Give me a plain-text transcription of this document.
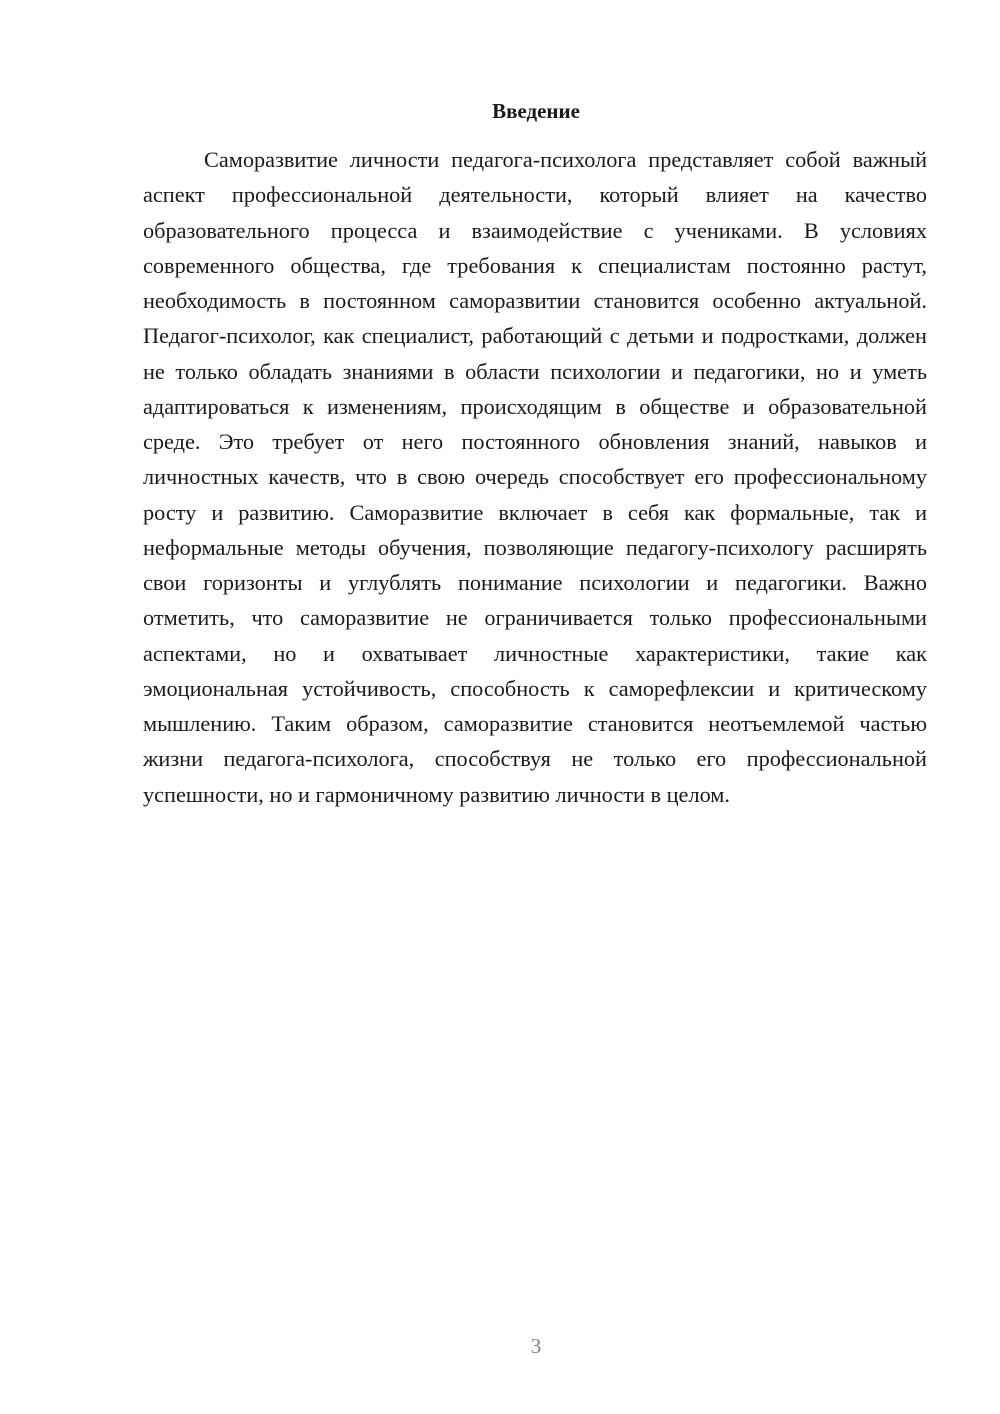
Введение

Саморазвитие личности педагога-психолога представляет собой важный аспект профессиональной деятельности, который влияет на качество образовательного процесса и взаимодействие с учениками. В условиях современного общества, где требования к специалистам постоянно растут, необходимость в постоянном саморазвитии становится особенно актуальной. Педагог-психолог, как специалист, работающий с детьми и подростками, должен не только обладать знаниями в области психологии и педагогики, но и уметь адаптироваться к изменениям, происходящим в обществе и образовательной среде. Это требует от него постоянного обновления знаний, навыков и личностных качеств, что в свою очередь способствует его профессиональному росту и развитию. Саморазвитие включает в себя как формальные, так и неформальные методы обучения, позволяющие педагогу-психологу расширять свои горизонты и углублять понимание психологии и педагогики. Важно отметить, что саморазвитие не ограничивается только профессиональными аспектами, но и охватывает личностные характеристики, такие как эмоциональная устойчивость, способность к саморефлексии и критическому мышлению. Таким образом, саморазвитие становится неотъемлемой частью жизни педагога-психолога, способствуя не только его профессиональной успешности, но и гармоничному развитию личности в целом.

3
